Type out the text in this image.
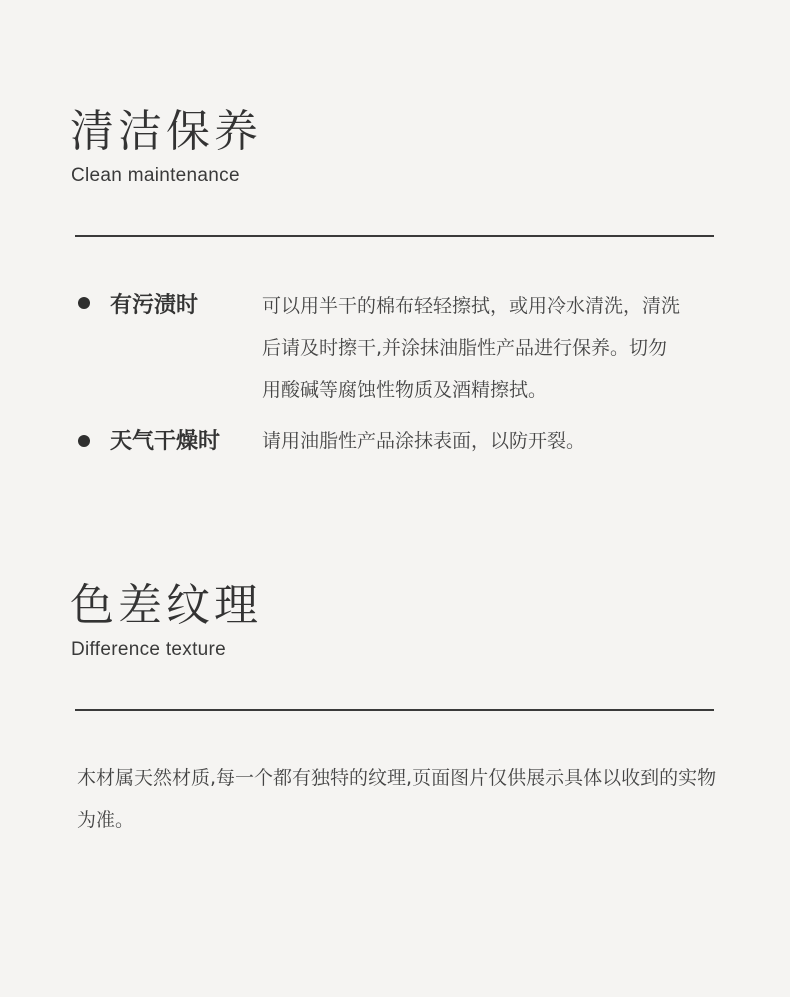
清洁保养
Clean maintenance
有污渍时	可以用半干的棉布轻轻擦拭，或用冷水清洗，清洗后请及时擦干,并涂抹油脂性产品进行保养。切勿用酸碱等腐蚀性物质及酒精擦拭。

天气干燥时 请用油脂性产品涂抹表面，以防开裂。

色差纹理
Difference texture

木材属天然材质,每一个都有独特的纹理,页面图片仅供展示具体以收到的实物为准。
